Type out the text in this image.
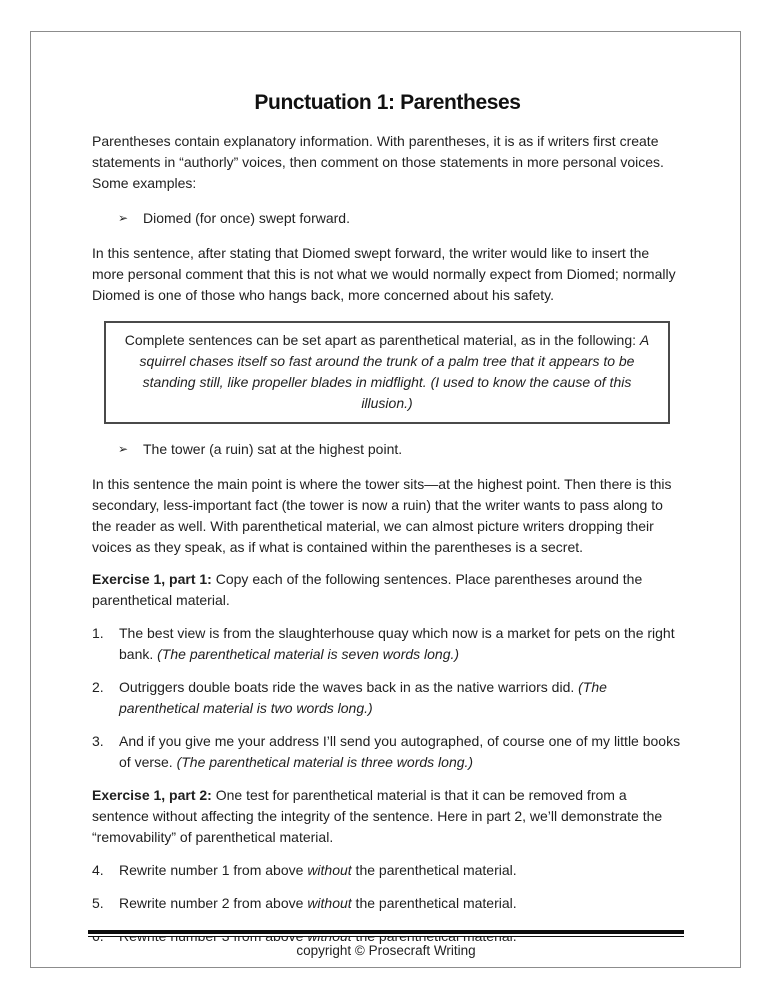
Punctuation 1: Parentheses

Parentheses contain explanatory information. With parentheses, it is as if writers first create statements in “authorly” voices, then comment on those statements in more personal voices. Some examples:

➢ Diomed (for once) swept forward.

In this sentence, after stating that Diomed swept forward, the writer would like to insert the more personal comment that this is not what we would normally expect from Diomed; normally Diomed is one of those who hangs back, more concerned about his safety.

Complete sentences can be set apart as parenthetical material, as in the following: A squirrel chases itself so fast around the trunk of a palm tree that it appears to be standing still, like propeller blades in midflight. (I used to know the cause of this illusion.)
➢ The tower (a ruin) sat at the highest point.

In this sentence the main point is where the tower sits—at the highest point. Then there is this secondary, less-important fact (the tower is now a ruin) that the writer wants to pass along to the reader as well. With parenthetical material, we can almost picture writers dropping their voices as they speak, as if what is contained within the parentheses is a secret.

Exercise 1, part 1: Copy each of the following sentences. Place parentheses around the parenthetical material.

1. The best view is from the slaughterhouse quay which now is a market for pets on the right bank. (The parenthetical material is seven words long.)
2. Outriggers double boats ride the waves back in as the native warriors did. (The parenthetical material is two words long.)
3. And if you give me your address I’ll send you autographed, of course one of my little books of verse. (The parenthetical material is three words long.)

Exercise 1, part 2: One test for parenthetical material is that it can be removed from a sentence without affecting the integrity of the sentence. Here in part 2, we’ll demonstrate the “removability” of parenthetical material.

4. Rewrite number 1 from above without the parenthetical material.
5. Rewrite number 2 from above without the parenthetical material.
copyright © Prosecraft Writing
